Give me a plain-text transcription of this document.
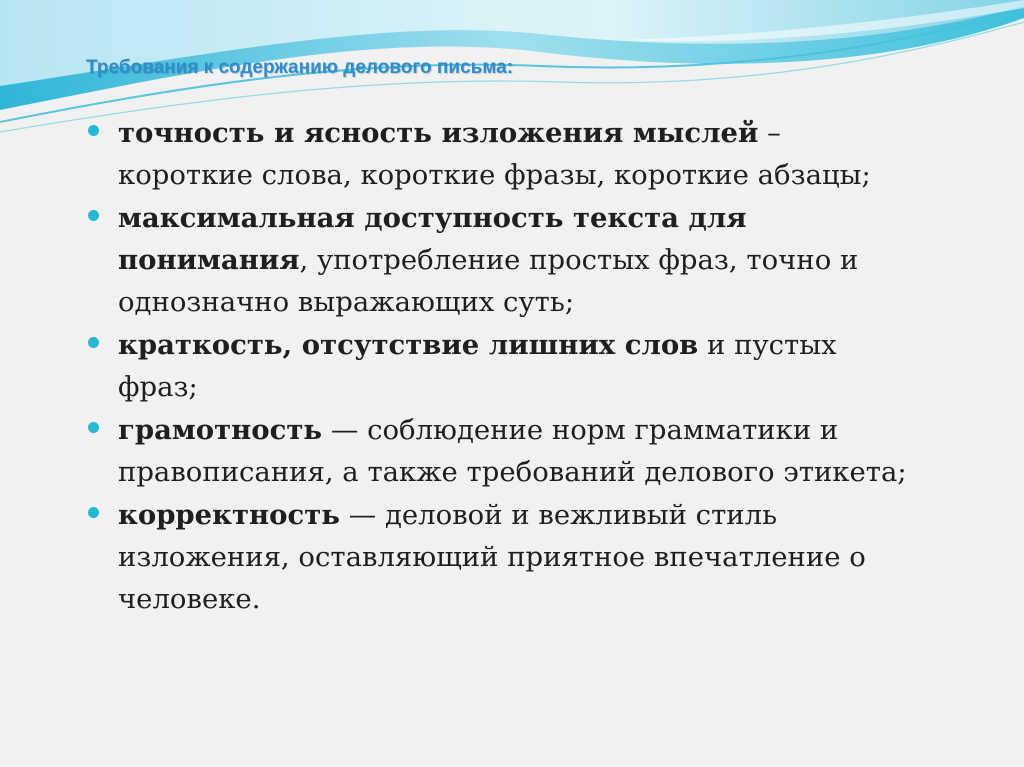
Требования к содержанию делового письма:
точность и ясность изложения мыслей – короткие слова, короткие фразы, короткие абзацы;
максимальная доступность текста для понимания, употребление простых фраз, точно и однозначно выражающих суть;
краткость, отсутствие лишних слов и пустых фраз;
грамотность — соблюдение норм грамматики и правописания, а также требований делового этикета;
корректность — деловой и вежливый стиль изложения, оставляющий приятное впечатление о человеке.
